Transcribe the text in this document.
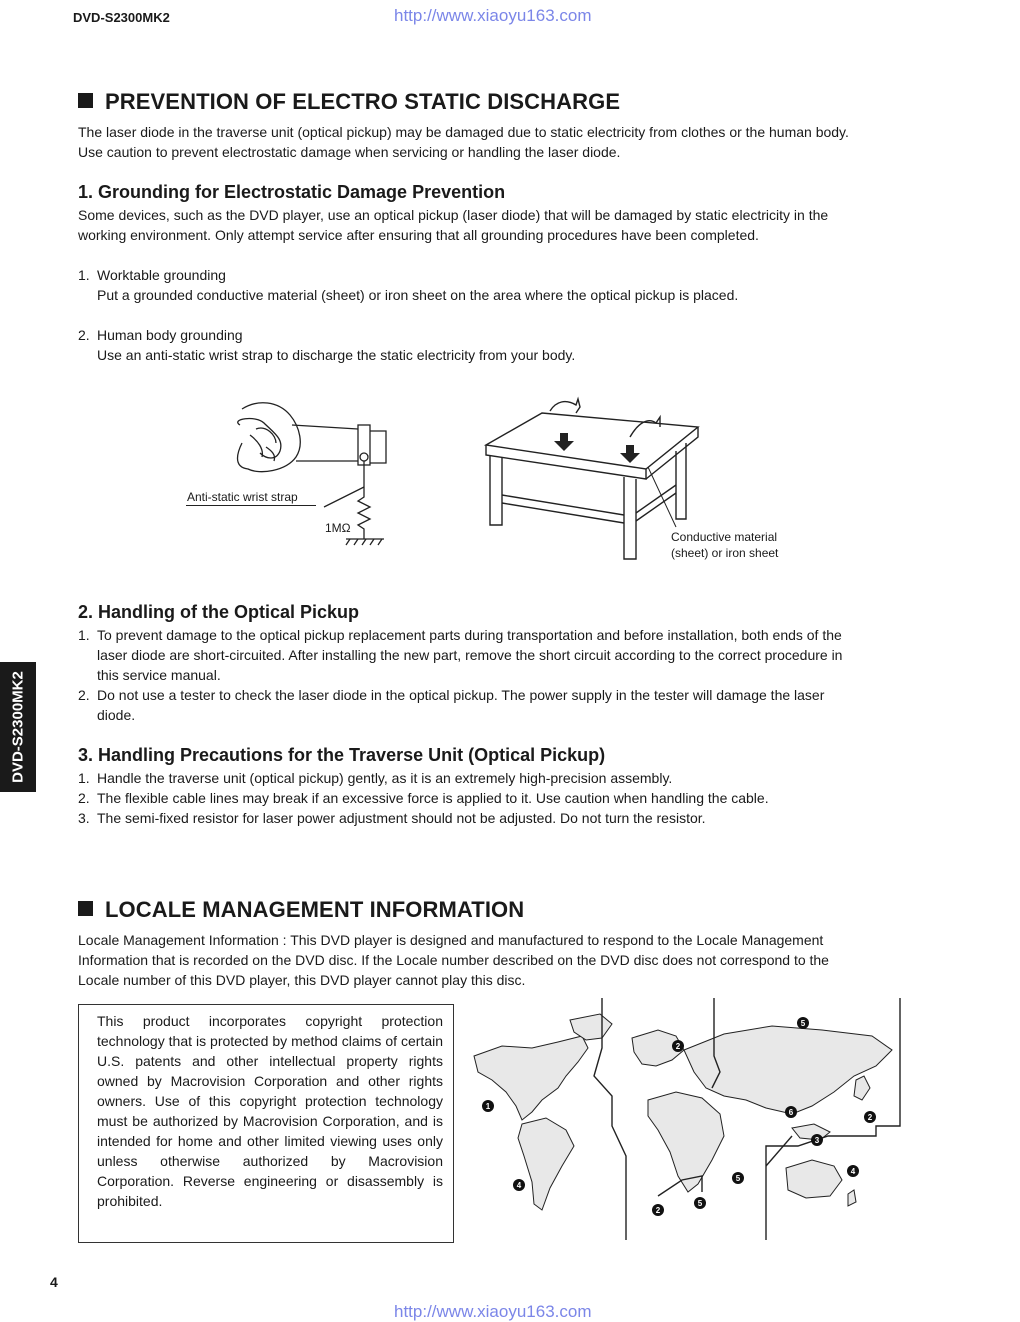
DVD-S2300MK2	http://www.xiaoyu163.com
DVD-S2300MK2
PREVENTION OF ELECTRO STATIC DISCHARGE
The laser diode in the traverse unit (optical pickup) may be damaged due to static electricity from clothes or the human body.
Use caution to prevent electrostatic damage when servicing or handling the laser diode.
1. Grounding for Electrostatic Damage Prevention
Some devices, such as the DVD player, use an optical pickup (laser diode) that will be damaged by static electricity in the
working environment. Only attempt service after ensuring that all grounding procedures have been completed.
1. Worktable grounding
Put a grounded conductive material (sheet) or iron sheet on the area where the optical pickup is placed.
2. Human body grounding
Use an anti-static wrist strap to discharge the static electricity from your body.
Anti-static wrist strap
1MΩ
Conductive material
(sheet) or iron sheet
2. Handling of the Optical Pickup
1. To prevent damage to the optical pickup replacement parts during transportation and before installation, both ends of the
laser diode are short-circuited. After installing the new part, remove the short circuit according to the correct procedure in
this service manual.
2. Do not use a tester to check the laser diode in the optical pickup. The power supply in the tester will damage the laser
diode.
3. Handling Precautions for the Traverse Unit (Optical Pickup)
1. Handle the traverse unit (optical pickup) gently, as it is an extremely high-precision assembly.
2. The flexible cable lines may break if an excessive force is applied to it. Use caution when handling the cable.
3. The semi-fixed resistor for laser power adjustment should not be adjusted. Do not turn the resistor.
LOCALE MANAGEMENT INFORMATION
Locale Management Information : This DVD player is designed and manufactured to respond to the Locale Management
Information that is recorded on the DVD disc. If the Locale number described on the DVD disc does not correspond to the
Locale number of this DVD player, this DVD player cannot play this disc.
This product incorporates copyright protection technology that is protected by method claims of certain U.S. patents and other intellectual property rights owned by Macrovision Corporation and other rights owners. Use of this copyright protection technology must be authorized by Macrovision Corporation, and is intended for home and other limited viewing uses only unless otherwise authorized by Macrovision Corporation. Reverse engineering or disassembly is prohibited.
1
2
2
2
3
4
4
5
5
5
6
4
http://www.xiaoyu163.com
